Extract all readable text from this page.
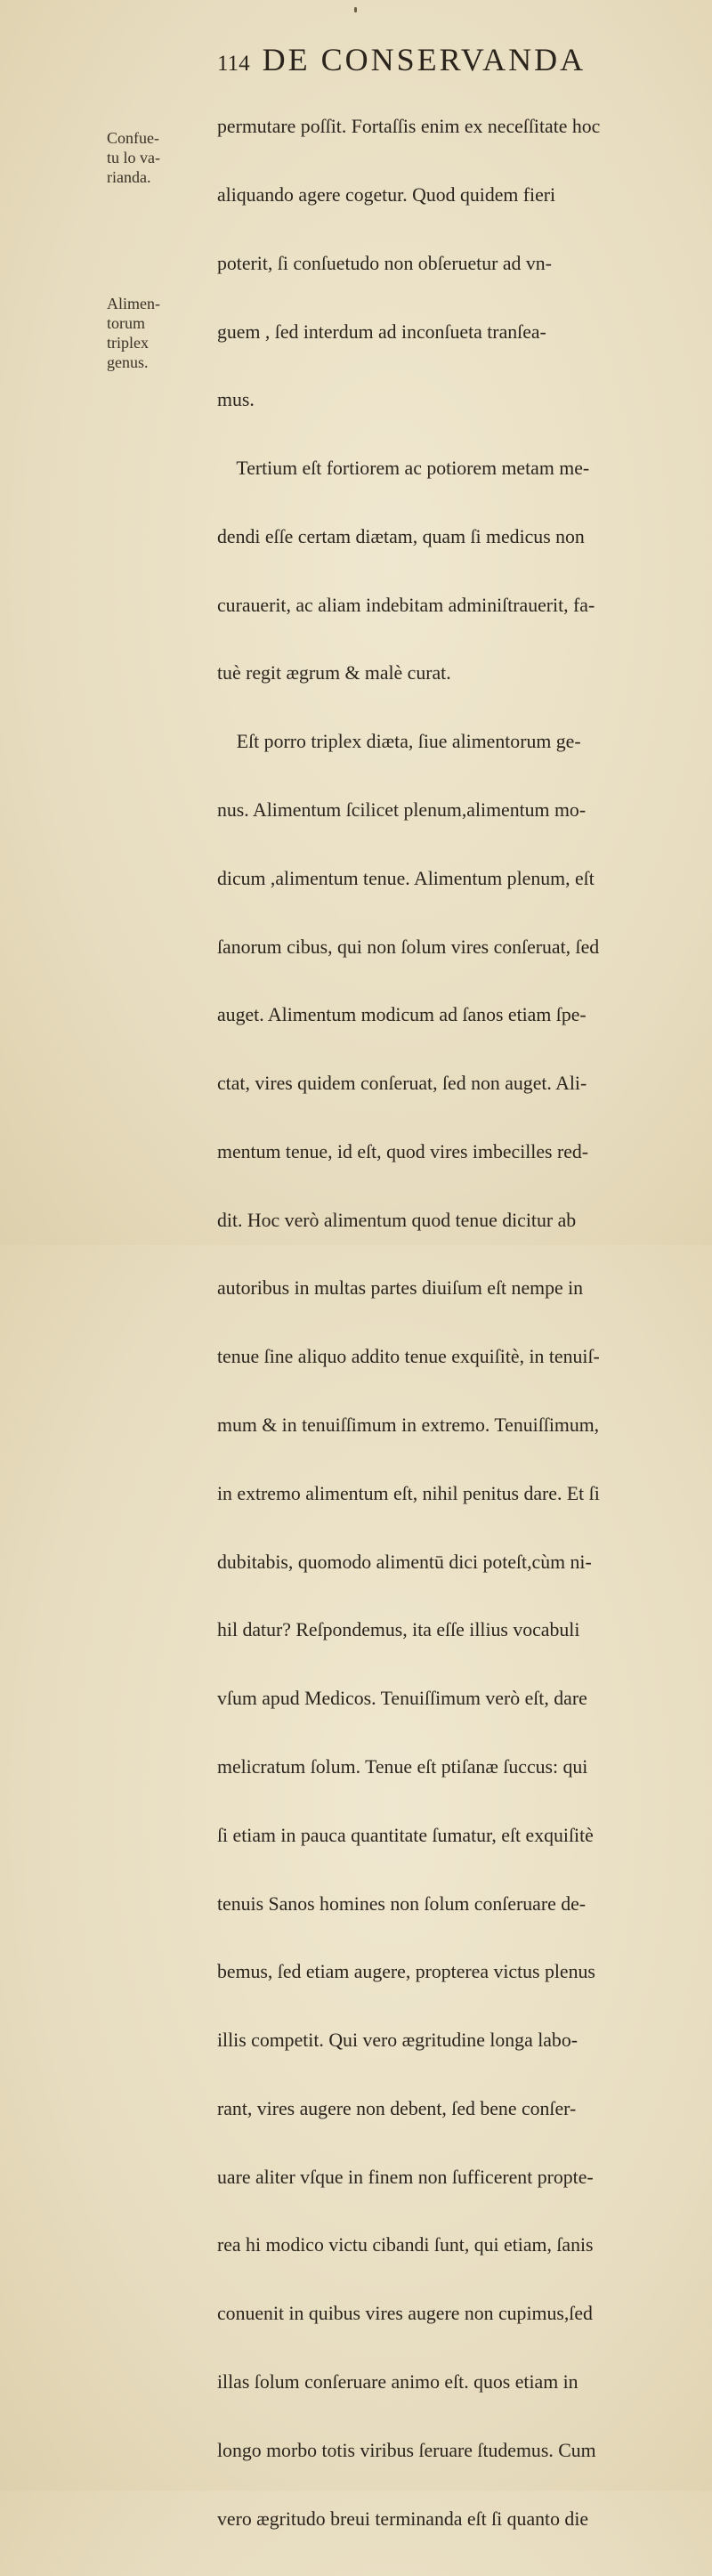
114 DE CONSERVANDA
Confue-
tu lo va-
rianda.
Alimen-
torum
triplex
genus.

permutare poſſit. Fortaſſis enim ex neceſſitate hoc

aliquando agere cogetur. Quod quidem fieri

poterit, ſi conſuetudo non obſeruetur ad vn-

guem , ſed interdum ad inconſueta tranſea-

mus.

Tertium eſt fortiorem ac potiorem metam me-

dendi eſſe certam diætam, quam ſi medicus non

curauerit, ac aliam indebitam adminiſtrauerit, fa-

tuè regit ægrum & malè curat.

Eſt porro triplex diæta, ſiue alimentorum ge-

nus. Alimentum ſcilicet plenum,alimentum mo-

dicum ,alimentum tenue. Alimentum plenum, eſt

ſanorum cibus, qui non ſolum vires conſeruat, ſed

auget. Alimentum modicum ad ſanos etiam ſpe-

ctat, vires quidem conſeruat, ſed non auget. Ali-

mentum tenue, id eſt, quod vires imbecilles red-

dit. Hoc verò alimentum quod tenue dicitur ab

autoribus in multas partes diuiſum eſt nempe in

tenue ſine aliquo addito tenue exquiſitè, in tenuiſ-

mum & in tenuiſſimum in extremo. Tenuiſſimum,

in extremo alimentum eſt, nihil penitus dare. Et ſi

dubitabis, quomodo alimentū dici poteſt,cùm ni-

hil datur? Reſpondemus, ita eſſe illius vocabuli

vſum apud Medicos. Tenuiſſimum verò eſt, dare

melicratum ſolum. Tenue eſt ptiſanæ ſuccus: qui

ſi etiam in pauca quantitate ſumatur, eſt exquiſitè

tenuis Sanos homines non ſolum conſeruare de-

bemus, ſed etiam augere, propterea victus plenus

illis competit. Qui vero ægritudine longa labo-

rant, vires augere non debent, ſed bene conſer-

uare aliter vſque in finem non ſufficerent propte-

rea hi modico victu cibandi ſunt, qui etiam, ſanis

conuenit in quibus vires augere non cupimus,ſed

illas ſolum conſeruare animo eſt. quos etiam in

longo morbo totis viribus ſeruare ſtudemus. Cum

vero ægritudo breui terminanda eſt ſi quanto die
